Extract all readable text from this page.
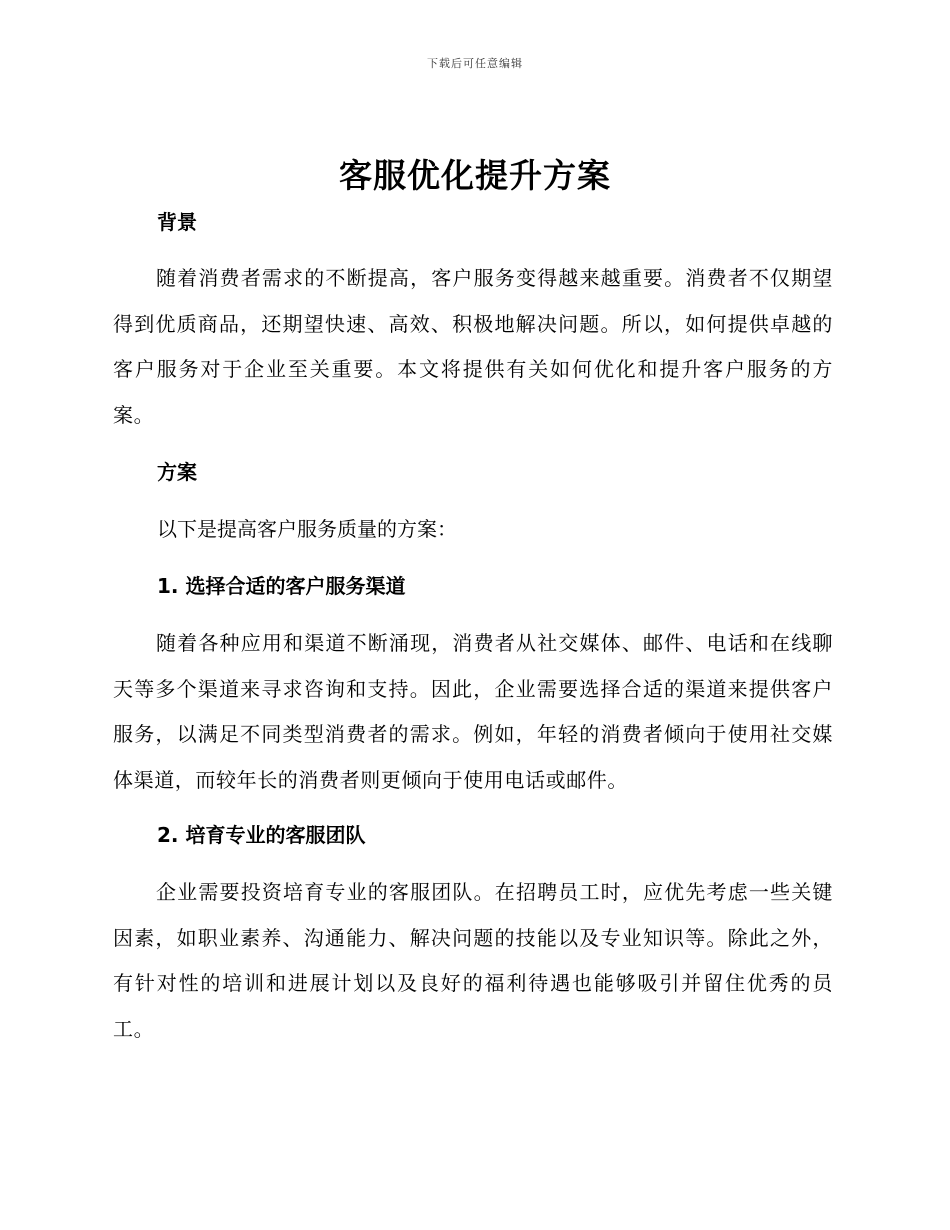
下载后可任意编辑
客服优化提升方案
背景

随着消费者需求的不断提高，客户服务变得越来越重要。消费者不仅期望得到优质商品，还期望快速、高效、积极地解决问题。所以，如何提供卓越的客户服务对于企业至关重要。本文将提供有关如何优化和提升客户服务的方案。

方案
以下是提高客户服务质量的方案：
1. 选择合适的客户服务渠道

随着各种应用和渠道不断涌现，消费者从社交媒体、邮件、电话和在线聊天等多个渠道来寻求咨询和支持。因此，企业需要选择合适的渠道来提供客户服务，以满足不同类型消费者的需求。例如，年轻的消费者倾向于使用社交媒体渠道，而较年长的消费者则更倾向于使用电话或邮件。

2. 培育专业的客服团队

企业需要投资培育专业的客服团队。在招聘员工时，应优先考虑一些关键因素，如职业素养、沟通能力、解决问题的技能以及专业知识等。除此之外，有针对性的培训和进展计划以及良好的福利待遇也能够吸引并留住优秀的员工。
